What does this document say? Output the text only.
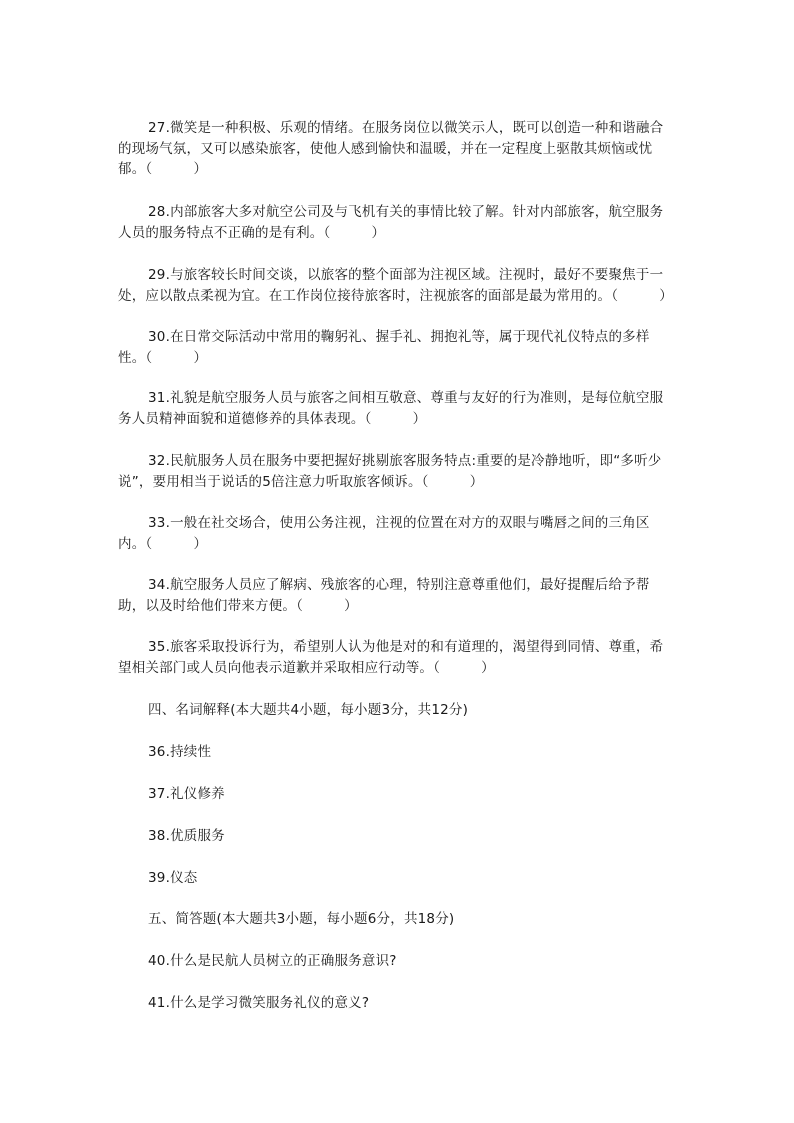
27.微笑是一种积极、乐观的情绪。在服务岗位以微笑示人，既可以创造一种和谐融合的现场气氛，又可以感染旅客，使他人感到愉快和温暖，并在一定程度上驱散其烦恼或忧郁。（　　　）

28.内部旅客大多对航空公司及与飞机有关的事情比较了解。针对内部旅客，航空服务人员的服务特点不正确的是有利。（　　　）

29.与旅客较长时间交谈，以旅客的整个面部为注视区域。注视时，最好不要聚焦于一处，应以散点柔视为宜。在工作岗位接待旅客时，注视旅客的面部是最为常用的。（　　　）

30.在日常交际活动中常用的鞠躬礼、握手礼、拥抱礼等，属于现代礼仪特点的多样性。（　　　）

31.礼貌是航空服务人员与旅客之间相互敬意、尊重与友好的行为准则，是每位航空服务人员精神面貌和道德修养的具体表现。（　　　）

32.民航服务人员在服务中要把握好挑剔旅客服务特点:重要的是冷静地听，即“多听少说”，要用相当于说话的5倍注意力听取旅客倾诉。（　　　）

33.一般在社交场合，使用公务注视，注视的位置在对方的双眼与嘴唇之间的三角区内。（　　　）

34.航空服务人员应了解病、残旅客的心理，特别注意尊重他们，最好提醒后给予帮助，以及时给他们带来方便。（　　　）

35.旅客采取投诉行为，希望别人认为他是对的和有道理的，渴望得到同情、尊重，希望相关部门或人员向他表示道歉并采取相应行动等。（　　　）

四、名词解释(本大题共4小题，每小题3分，共12分)

36.持续性

37.礼仪修养

38.优质服务

39.仪态

五、简答题(本大题共3小题，每小题6分，共18分)

40.什么是民航人员树立的正确服务意识?

41.什么是学习微笑服务礼仪的意义?
